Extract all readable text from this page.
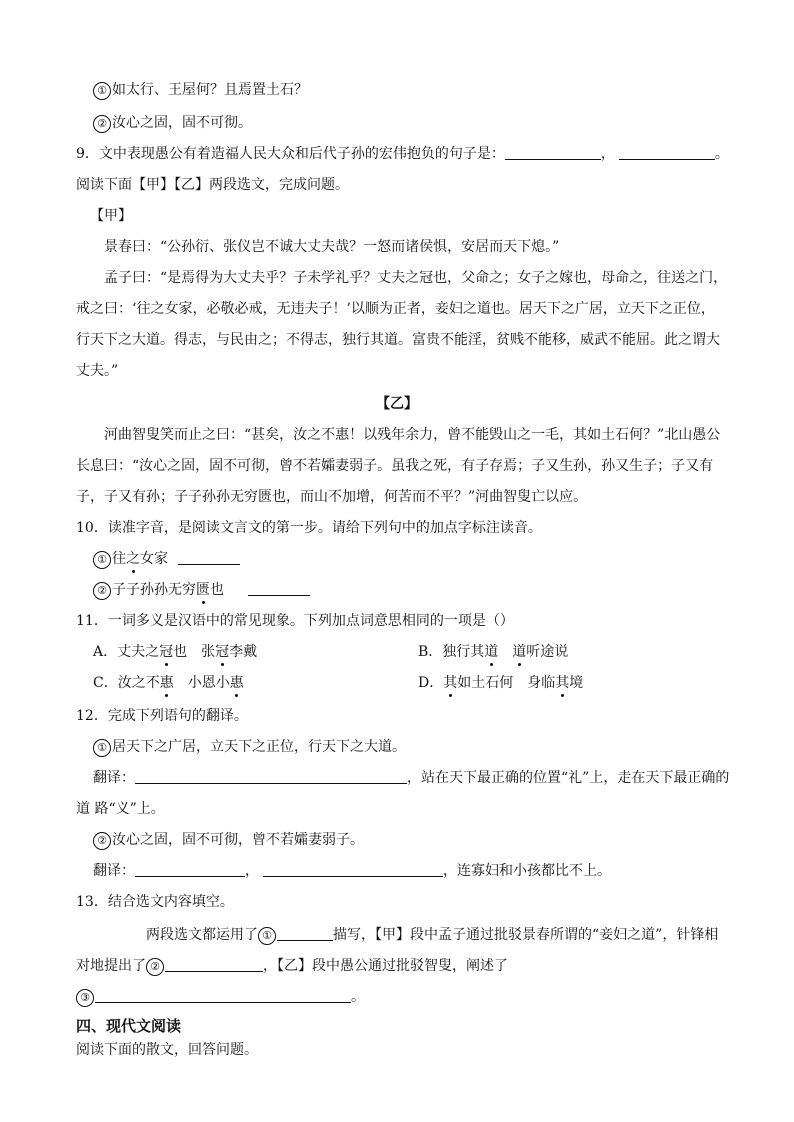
① 如太行、王屋何？且焉置土石？
② 汝心之固，固不可彻。
9．文中表现愚公有着造福人民大众和后代子孙的宏伟抱负的句子是：	，	。
阅读下面【甲】【乙】两段选文，完成问题。
【甲】
景春曰：“公孙衍、张仪岂不诚大丈夫哉？一怒而诸侯惧，安居而天下熄。”
孟子曰：“是焉得为大丈夫乎？子未学礼乎？丈夫之冠也，父命之；女子之嫁也，母命之，往送之门，
戒之曰：‘往之女家，必敬必戒，无违夫子！’以顺为正者，妾妇之道也。居天下之广居，立天下之正位，
行天下之大道。得志，与民由之；不得志，独行其道。富贵不能淫，贫贱不能移，威武不能屈。此之谓大
丈夫。”
【乙】
河曲智叟笑而止之曰：“甚矣，汝之不惠！以残年余力，曾不能毁山之一毛，其如土石何？”北山愚公
长息曰：“汝心之固，固不可彻，曾不若孀妻弱子。虽我之死，有子存焉；子又生孙，孙又生子；子又有
子，子又有孙；子子孙孙无穷匮也，而山不加增，何苦而不平？”河曲智叟亡以应。
10．读准字音，是阅读文言文的第一步。请给下列句中的加点字标注读音。
① 往之女家
② 子子孙孙无穷匮也
11．一词多义是汉语中的常见现象。下列加点词意思相同的一项是（）
A．丈夫之冠也　张冠李戴	B．独行其道　 道听途说
C．汝之不惠　小恩小惠	D．其如土石何　身临其境
12．完成下列语句的翻译。
① 居天下之广居，立天下之正位，行天下之大道。
翻译：	，站在天下最正确的位置“礼”上，走在天下最正确的
道 路“义”上。
② 汝心之固，固不可彻，曾不若孀妻弱子。
翻译：	，	，连寡妇和小孩都比不上。
13．结合选文内容填空。
两段选文都运用了 ①	描写，【甲】段中孟子通过批驳景春所谓的“妾妇之道”，针锋相
对地提出了 ②	，【乙】段中愚公通过批驳智叟，阐述了
③	。
四、现代文阅读
阅读下面的散文，回答问题。
